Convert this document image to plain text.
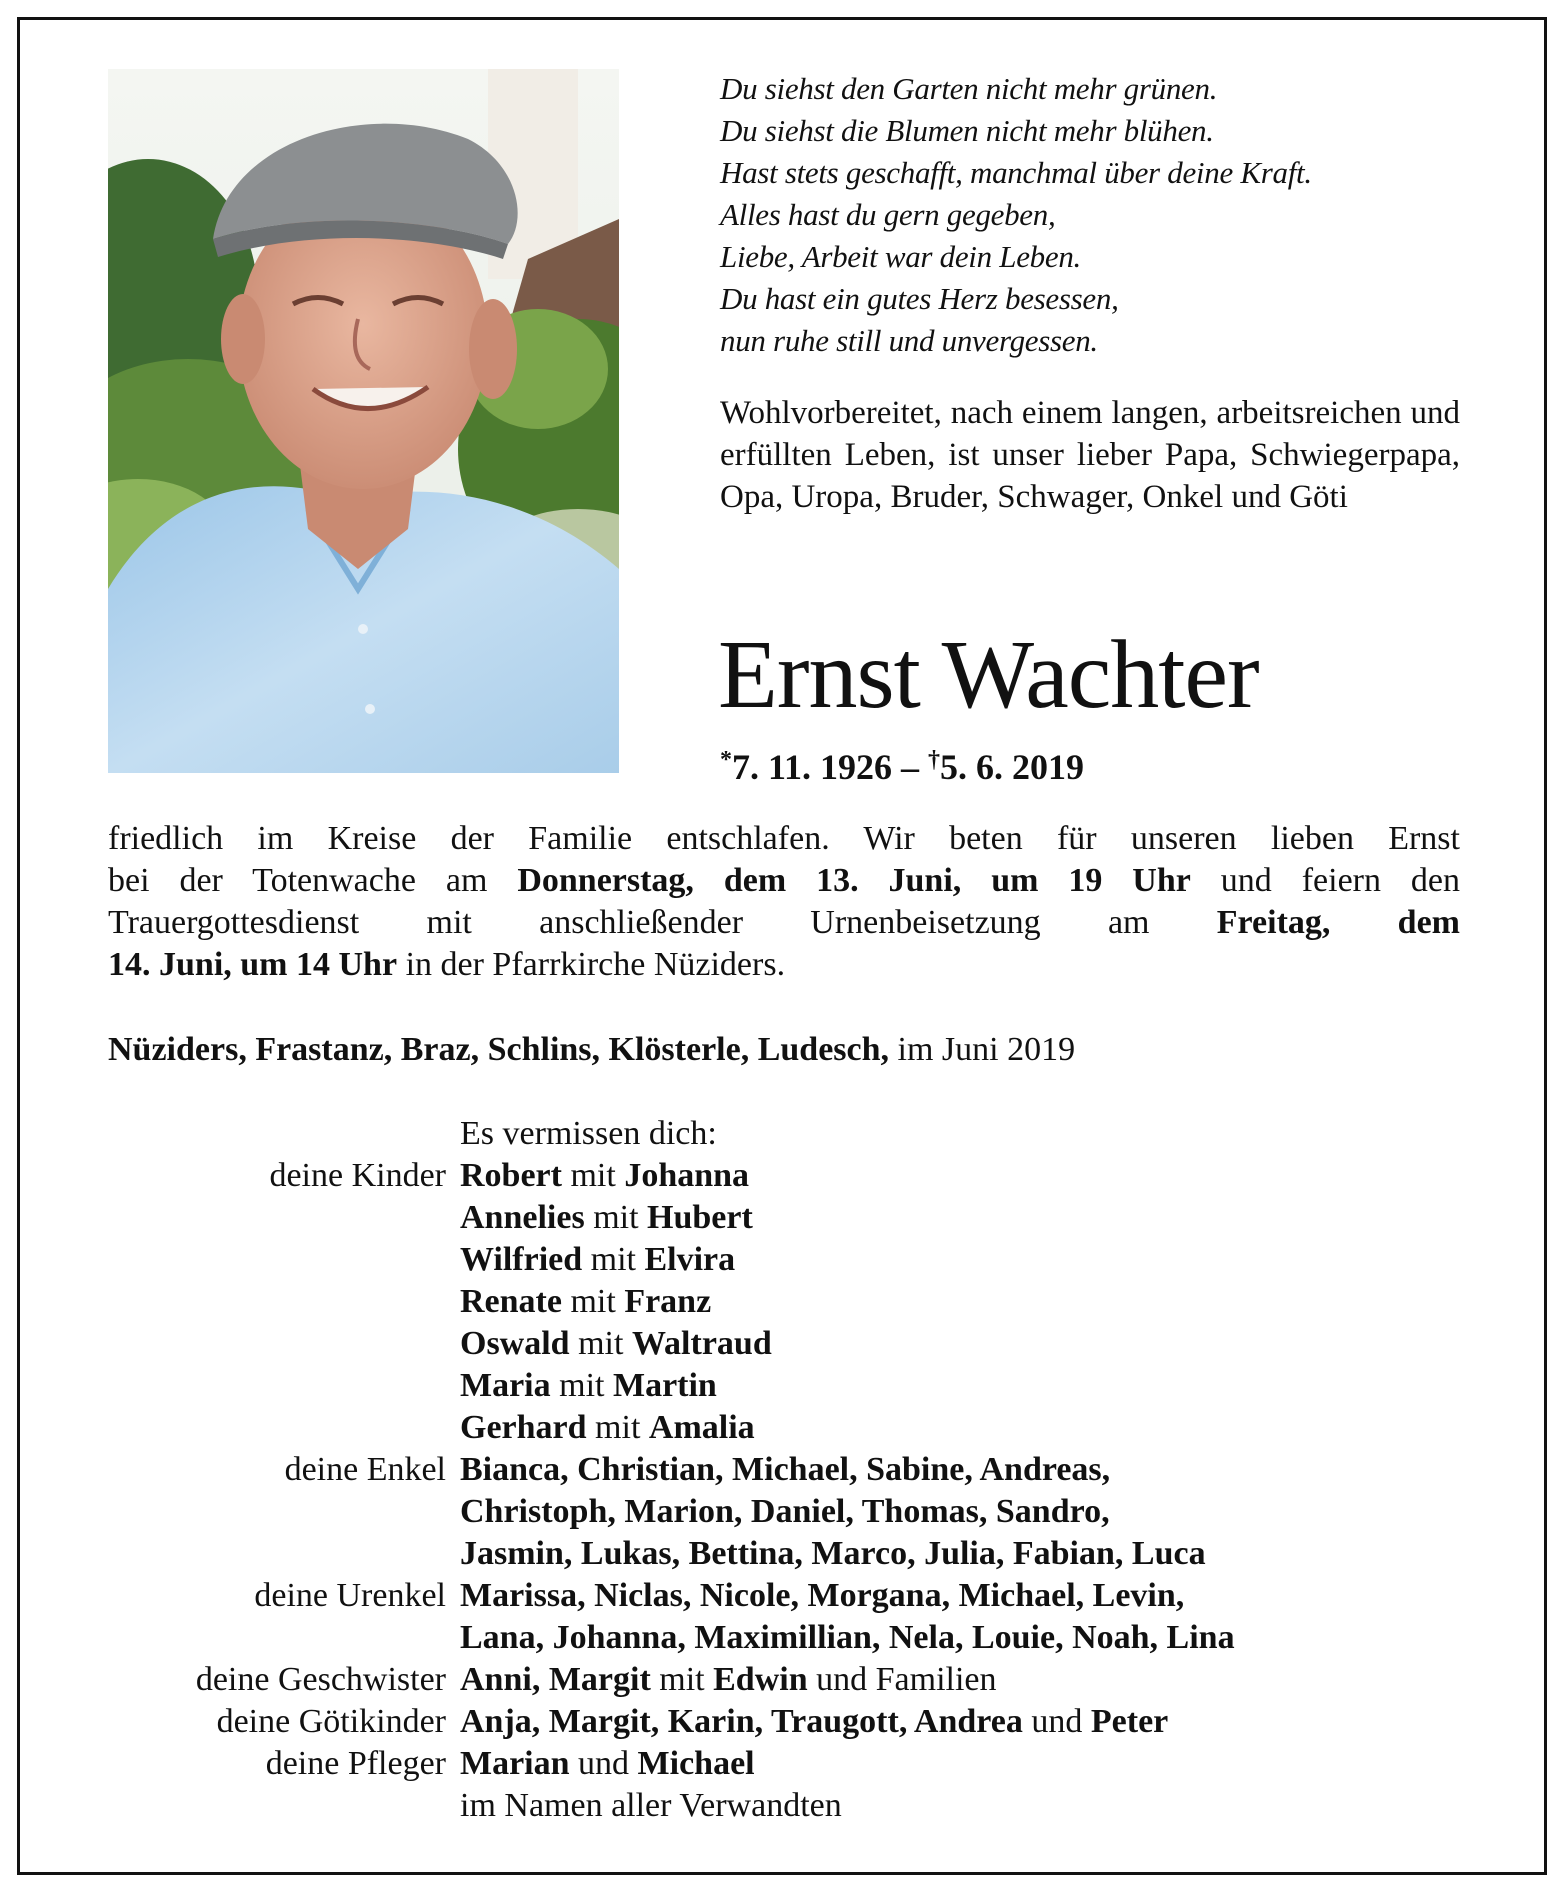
Du siehst den Garten nicht mehr grünen.
Du siehst die Blumen nicht mehr blühen.
Hast stets geschafft, manchmal über deine Kraft.
Alles hast du gern gegeben,
Liebe, Arbeit war dein Leben.
Du hast ein gutes Herz besessen,
nun ruhe still und unvergessen.
Wohlvorbereitet, nach einem langen, arbeitsreichen und erfüllten Leben, ist unser lieber Papa, Schwiegerpapa, Opa, Uropa, Bruder, Schwager, Onkel und Göti
Ernst Wachter
*7. 11. 1926 – †5. 6. 2019
friedlich im Kreise der Familie entschlafen. Wir beten für unseren lieben Ernst
bei der Totenwache am Donnerstag, dem 13. Juni, um 19 Uhr und feiern den
Trauergottesdienst mit anschließender Urnenbeisetzung am Freitag, dem
14. Juni, um 14 Uhr in der Pfarrkirche Nüziders.
Nüziders, Frastanz, Braz, Schlins, Klösterle, Ludesch, im Juni 2019
Es vermissen dich:
deine Kinder Robert mit Johanna
Annelies mit Hubert
Wilfried mit Elvira
Renate mit Franz
Oswald mit Waltraud
Maria mit Martin
Gerhard mit Amalia
deine Enkel Bianca, Christian, Michael, Sabine, Andreas,
Christoph, Marion, Daniel, Thomas, Sandro,
Jasmin, Lukas, Bettina, Marco, Julia, Fabian, Luca
deine Urenkel Marissa, Niclas, Nicole, Morgana, Michael, Levin,
Lana, Johanna, Maximillian, Nela, Louie, Noah, Lina
deine Geschwister Anni, Margit mit Edwin und Familien
deine Götikinder Anja, Margit, Karin, Traugott, Andrea und Peter
deine Pfleger Marian und Michael
im Namen aller Verwandten
